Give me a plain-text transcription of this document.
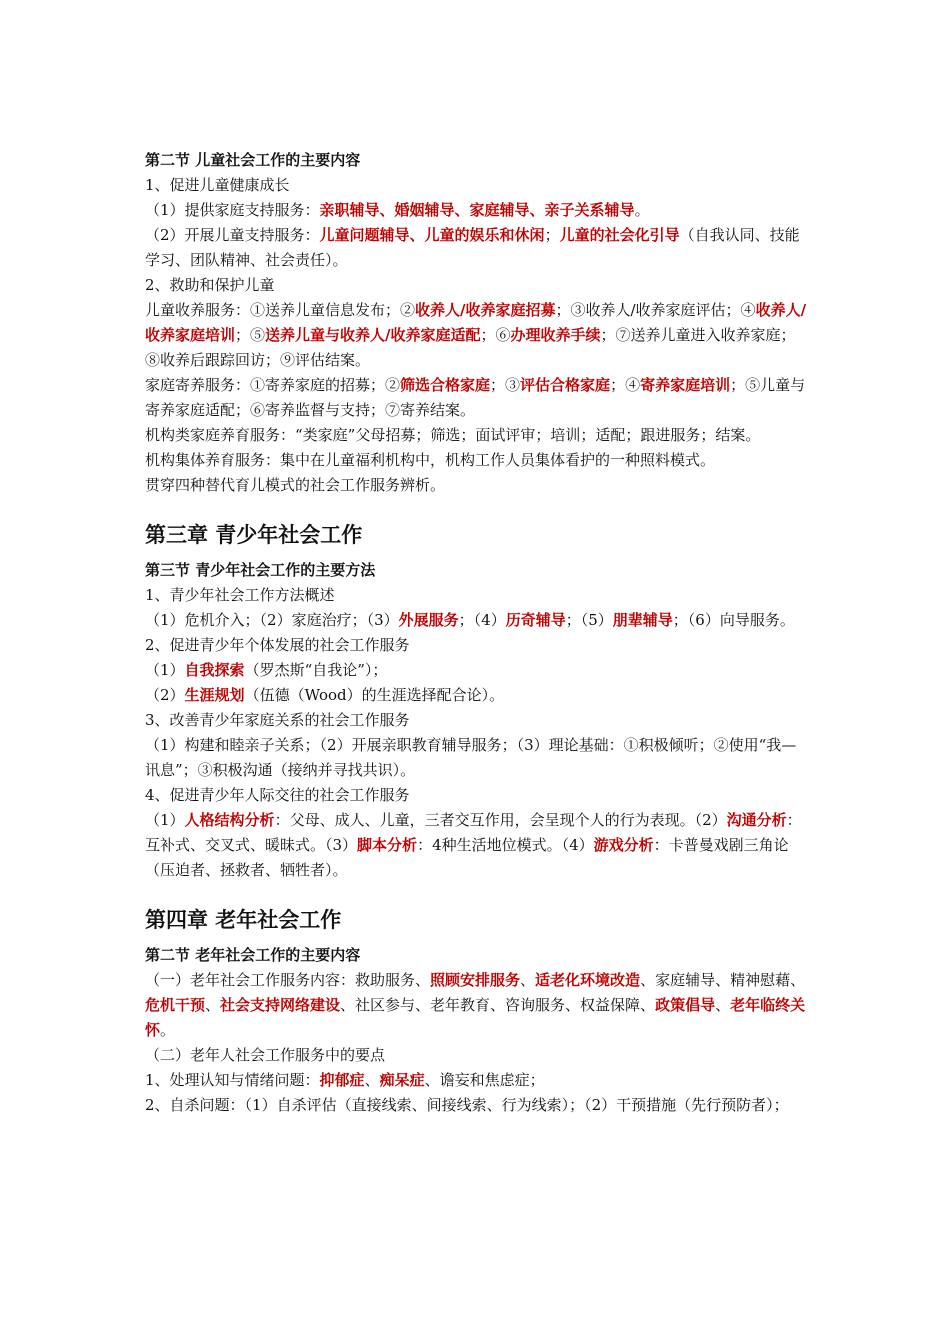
第二节 儿童社会工作的主要内容
1、促进儿童健康成长
（1）提供家庭支持服务：亲职辅导、婚姻辅导、家庭辅导、亲子关系辅导。
（2）开展儿童支持服务：儿童问题辅导、儿童的娱乐和休闲；儿童的社会化引导（自我认同、技能学习、团队精神、社会责任）。
2、救助和保护儿童
儿童收养服务：①送养儿童信息发布；②收养人/收养家庭招募；③收养人/收养家庭评估；④收养人/收养家庭培训；⑤送养儿童与收养人/收养家庭适配；⑥办理收养手续；⑦送养儿童进入收养家庭；⑧收养后跟踪回访；⑨评估结案。
家庭寄养服务：①寄养家庭的招募；②筛选合格家庭；③评估合格家庭；④寄养家庭培训；⑤儿童与寄养家庭适配；⑥寄养监督与支持；⑦寄养结案。
机构类家庭养育服务：“类家庭”父母招募；筛选；面试评审；培训；适配；跟进服务；结案。
机构集体养育服务：集中在儿童福利机构中，机构工作人员集体看护的一种照料模式。
贯穿四种替代育儿模式的社会工作服务辨析。
第三章 青少年社会工作
第三节 青少年社会工作的主要方法
1、青少年社会工作方法概述
（1）危机介入；（2）家庭治疗；（3）外展服务；（4）历奇辅导；（5）朋辈辅导；（6）向导服务。
2、促进青少年个体发展的社会工作服务
（1）自我探索（罗杰斯“自我论”）；
（2）生涯规划（伍德（Wood）的生涯选择配合论）。
3、改善青少年家庭关系的社会工作服务
（1）构建和睦亲子关系；（2）开展亲职教育辅导服务；（3）理论基础：①积极倾听；②使用“我—讯息”；③积极沟通（接纳并寻找共识）。
4、促进青少年人际交往的社会工作服务
（1）人格结构分析：父母、成人、儿童，三者交互作用，会呈现个人的行为表现。（2）沟通分析：互补式、交叉式、暖昧式。（3）脚本分析：4种生活地位模式。（4）游戏分析：卡普曼戏剧三角论（压迫者、拯救者、牺牲者）。
第四章 老年社会工作
第二节 老年社会工作的主要内容
（一）老年社会工作服务内容：救助服务、照顾安排服务、适老化环境改造、家庭辅导、精神慰藉、危机干预、社会支持网络建设、社区参与、老年教育、咨询服务、权益保障、政策倡导、老年临终关怀。
（二）老年人社会工作服务中的要点
1、处理认知与情绪问题：抑郁症、痴呆症、谵妄和焦虑症；
2、自杀问题：（1）自杀评估（直接线索、间接线索、行为线索）；（2）干预措施（先行预防者）；
